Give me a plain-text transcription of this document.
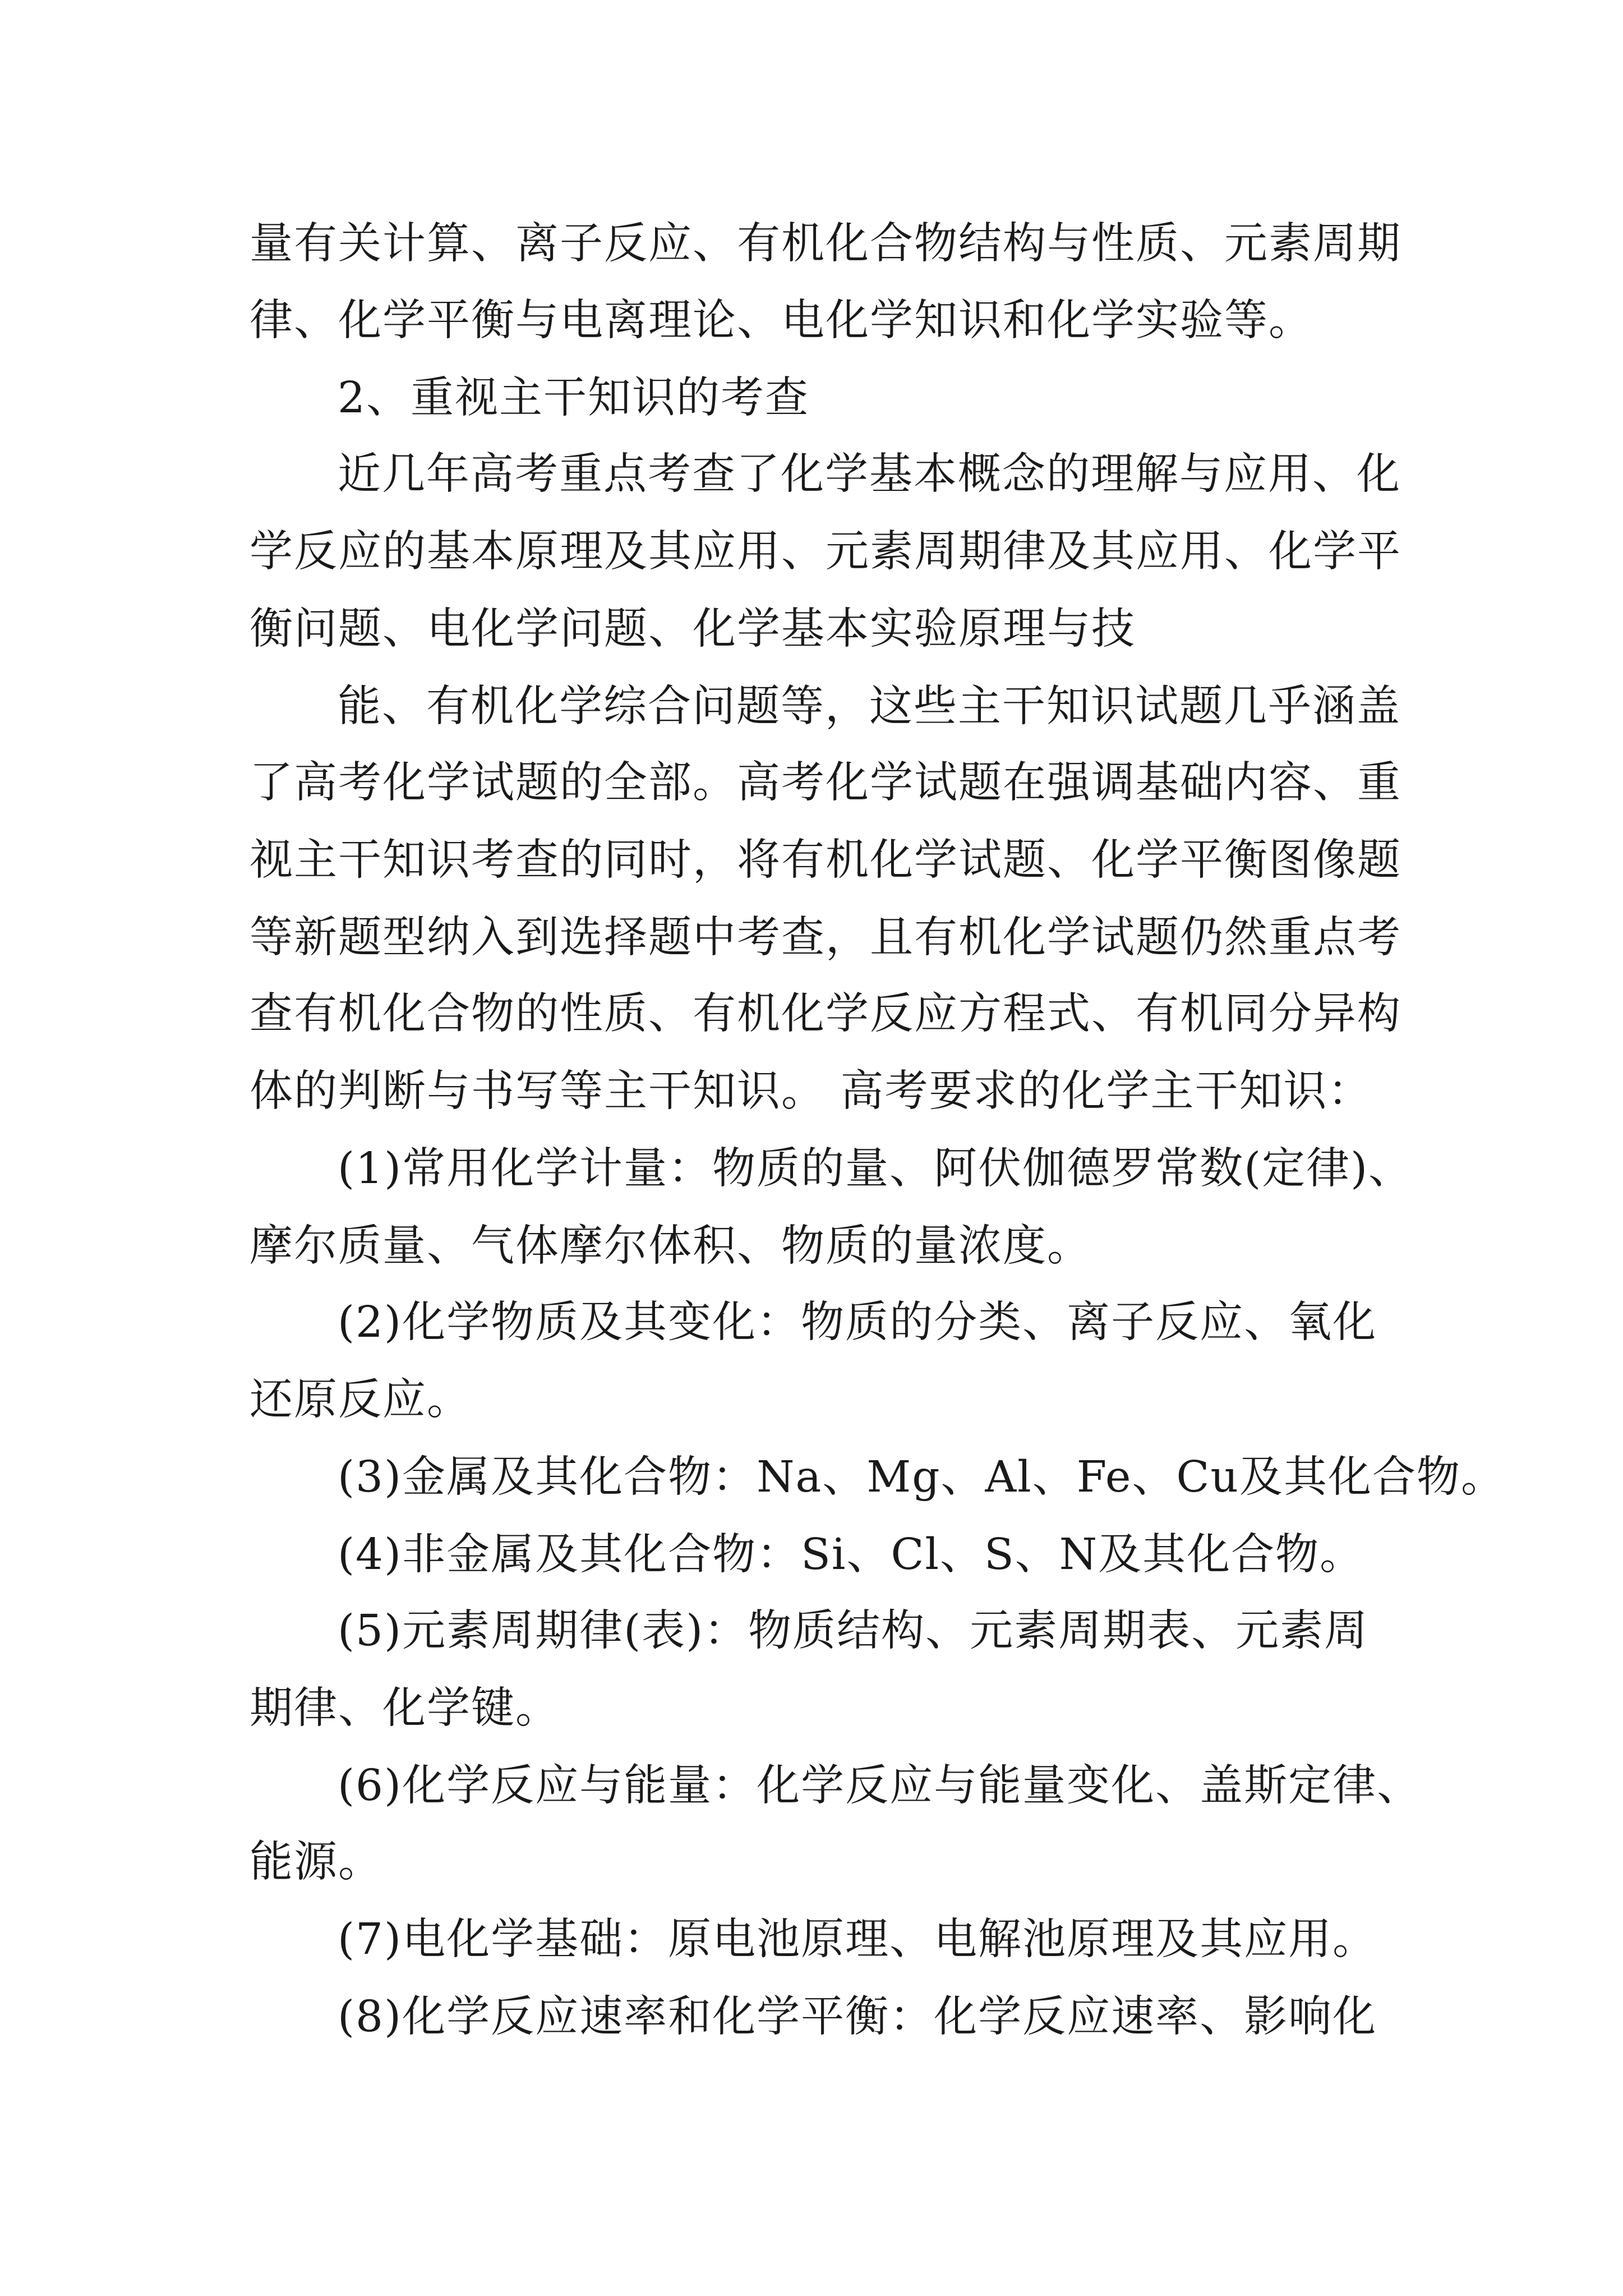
量有关计算、离子反应、有机化合物结构与性质、元素周期
律、化学平衡与电离理论、电化学知识和化学实验等。
2、重视主干知识的考查
近几年高考重点考查了化学基本概念的理解与应用、化
学反应的基本原理及其应用、元素周期律及其应用、化学平
衡问题、电化学问题、化学基本实验原理与技
能、有机化学综合问题等，这些主干知识试题几乎涵盖
了高考化学试题的全部。高考化学试题在强调基础内容、重
视主干知识考查的同时，将有机化学试题、化学平衡图像题
等新题型纳入到选择题中考查，且有机化学试题仍然重点考
查有机化合物的性质、有机化学反应方程式、有机同分异构
体的判断与书写等主干知识。 高考要求的化学主干知识：
(1)常用化学计量：物质的量、阿伏伽德罗常数(定律)、
摩尔质量、气体摩尔体积、物质的量浓度。
(2)化学物质及其变化：物质的分类、离子反应、氧化
还原反应。
(3)金属及其化合物：Na、Mg、Al、Fe、Cu及其化合物。
(4)非金属及其化合物：Si、Cl、S、N及其化合物。
(5)元素周期律(表)：物质结构、元素周期表、元素周
期律、化学键。
(6)化学反应与能量：化学反应与能量变化、盖斯定律、
能源。
(7)电化学基础：原电池原理、电解池原理及其应用。
(8)化学反应速率和化学平衡：化学反应速率、影响化
